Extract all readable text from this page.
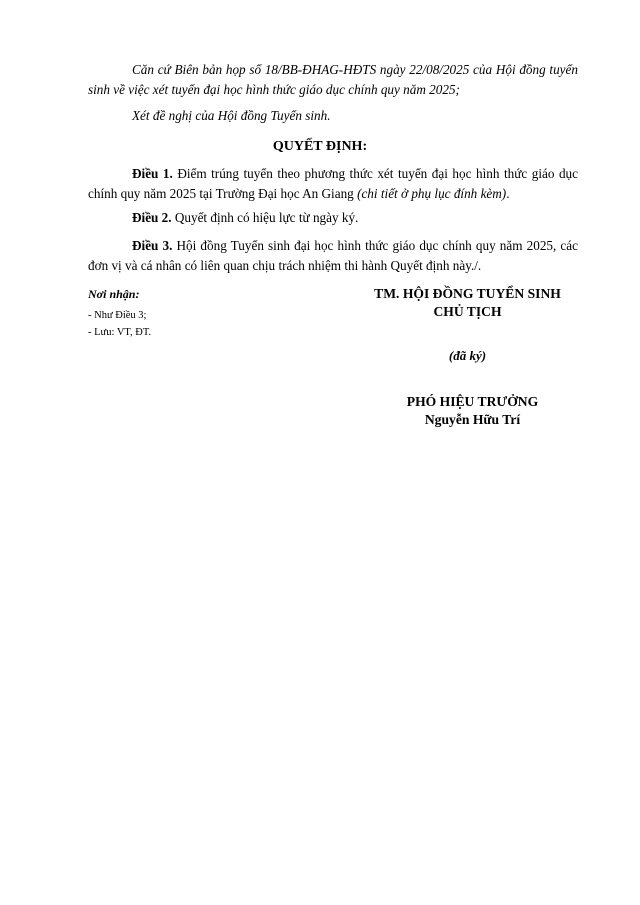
Căn cứ Biên bản họp số 18/BB-ĐHAG-HĐTS ngày 22/08/2025 của Hội đồng tuyển sinh về việc xét tuyển đại học hình thức giáo dục chính quy năm 2025;

Xét đề nghị của Hội đồng Tuyển sinh.

QUYẾT ĐỊNH:

Điều 1. Điểm trúng tuyển theo phương thức xét tuyển đại học hình thức giáo dục chính quy năm 2025 tại Trường Đại học An Giang (chi tiết ở phụ lục đính kèm).

Điều 2. Quyết định có hiệu lực từ ngày ký.

Điều 3. Hội đồng Tuyển sinh đại học hình thức giáo dục chính quy năm 2025, các đơn vị và cá nhân có liên quan chịu trách nhiệm thi hành Quyết định này./.

Nơi nhận:
- Như Điều 3;
- Lưu: VT, ĐT.
TM. HỘI ĐỒNG TUYỂN SINH
CHỦ TỊCH
(đã ký)
PHÓ HIỆU TRƯỞNG
Nguyễn Hữu Trí
